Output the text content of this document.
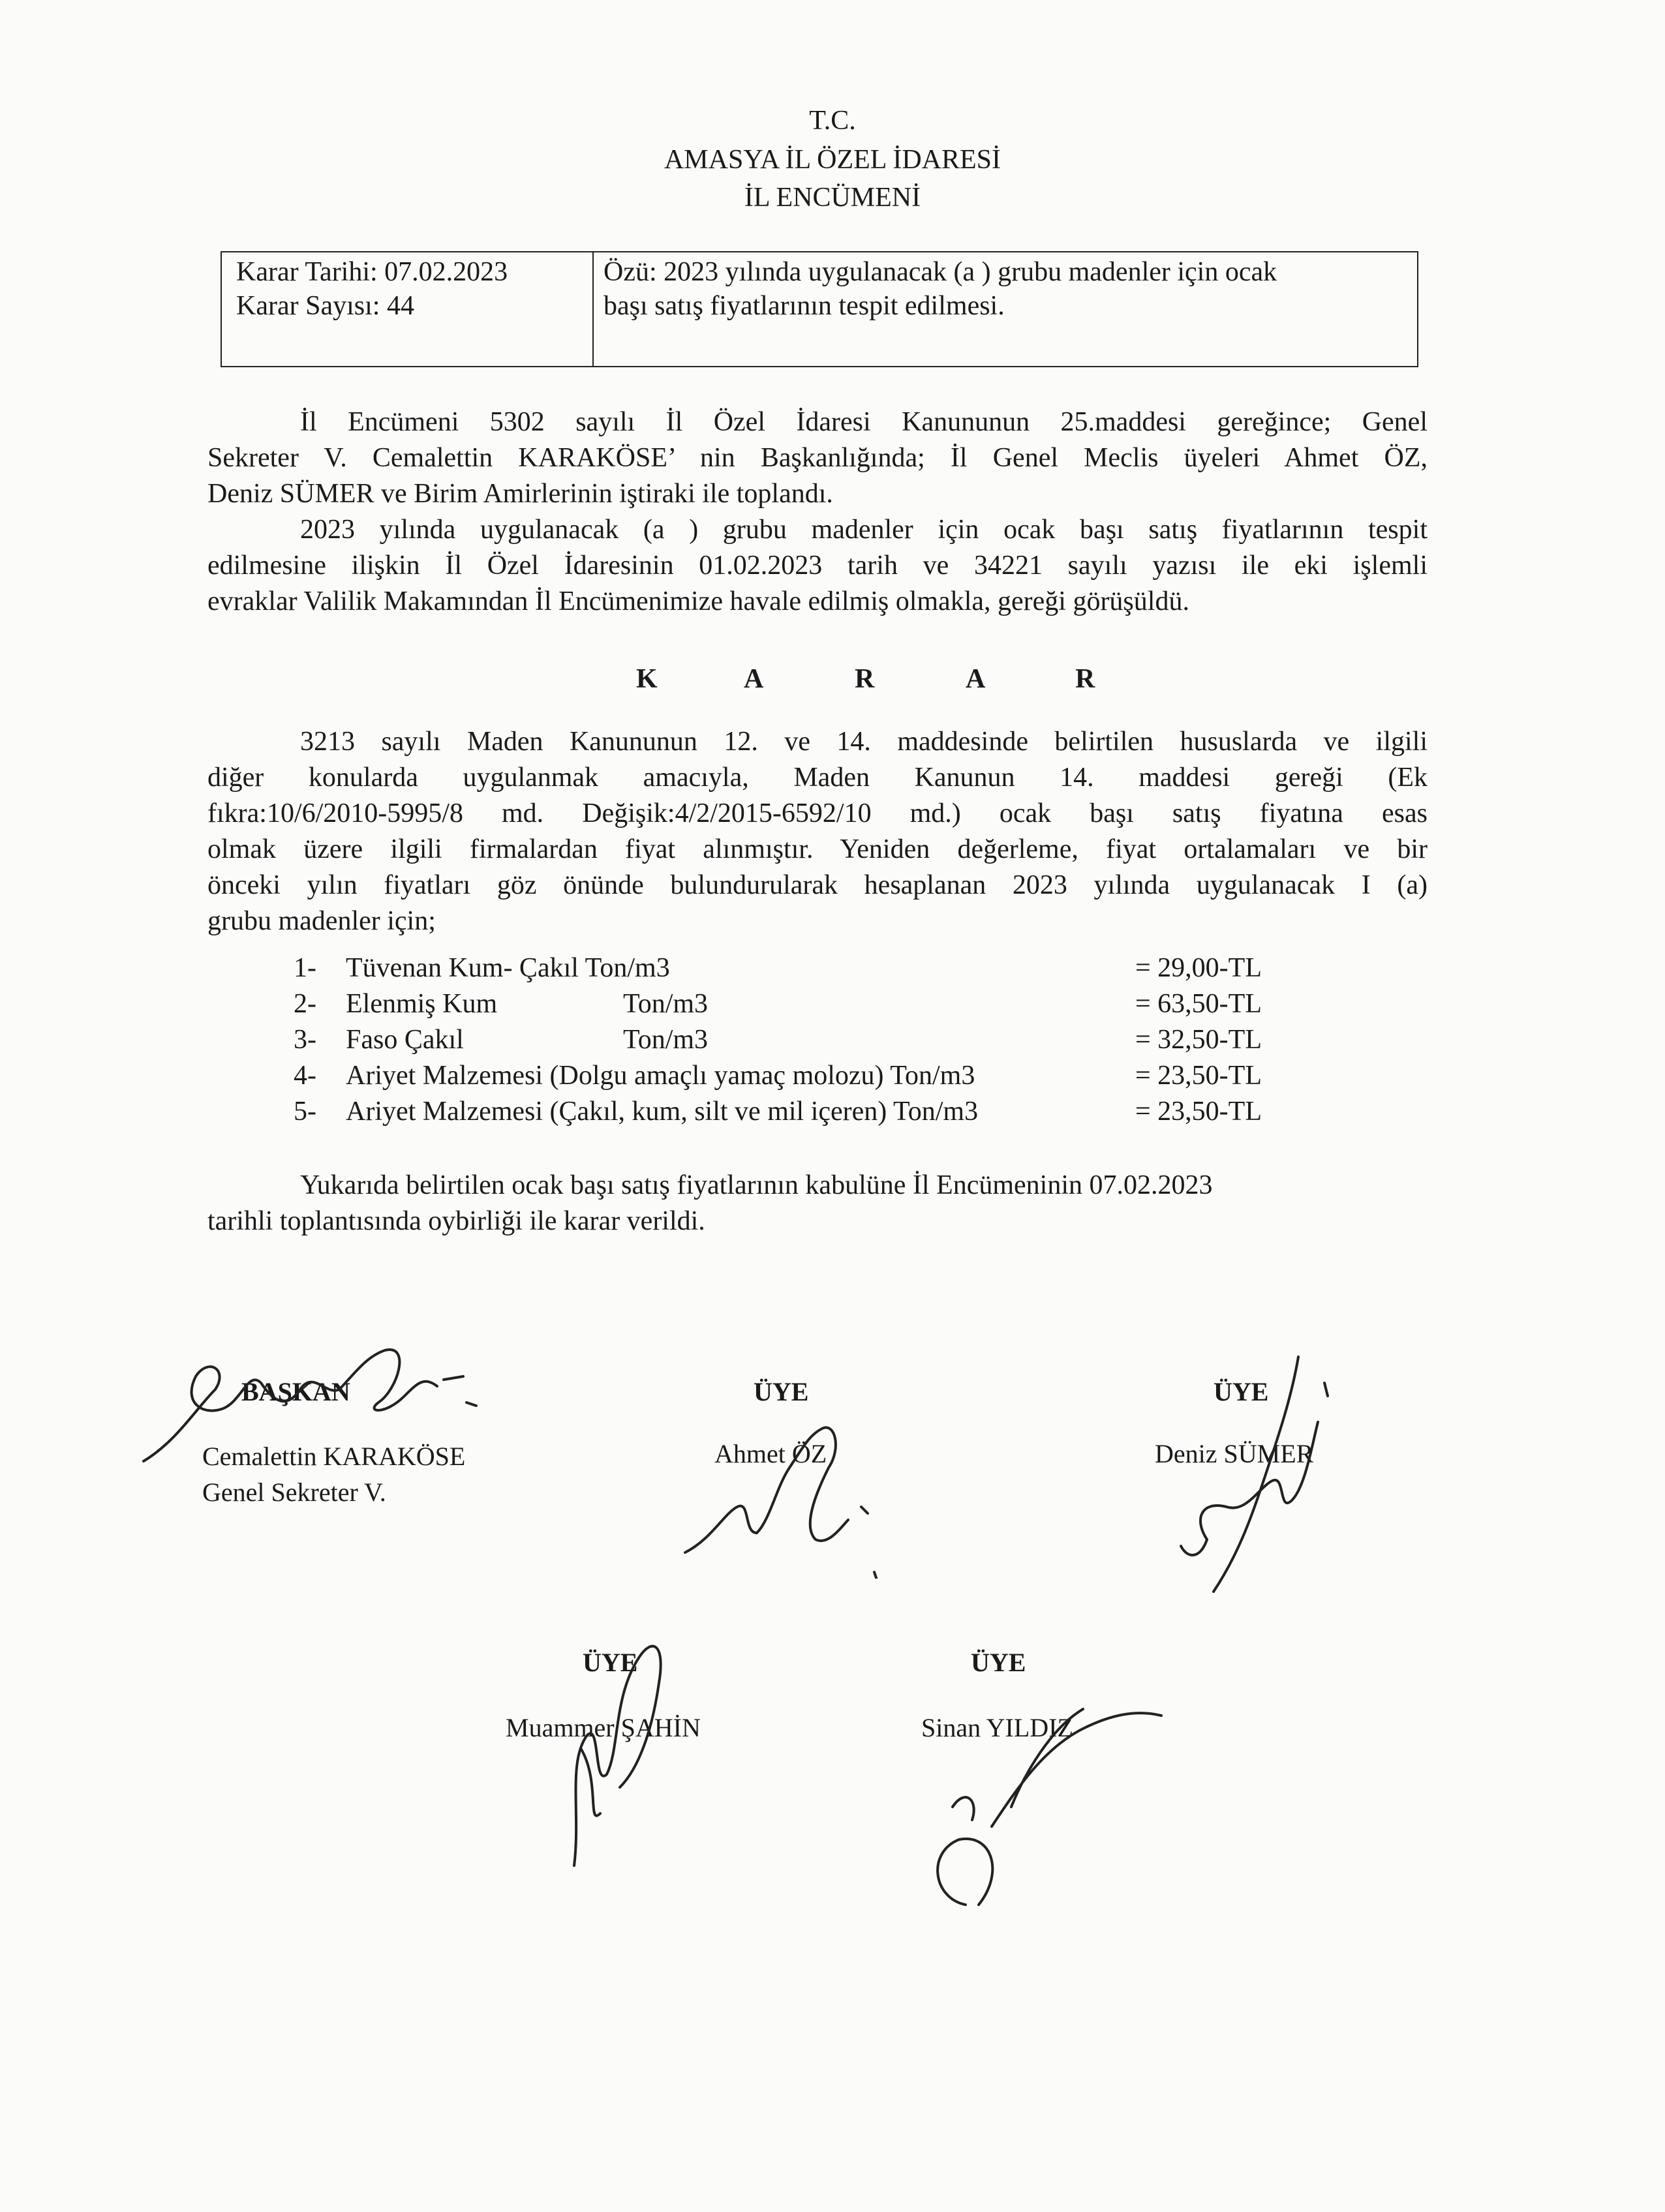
T.C.
AMASYA İL ÖZEL İDARESİ
İL ENCÜMENİ
Karar Tarihi: 07.02.2023
Karar Sayısı: 44
Özü: 2023 yılında uygulanacak (a ) grubu madenler için ocak
başı satış fiyatlarının tespit edilmesi.
İl Encümeni 5302 sayılı İl Özel İdaresi Kanununun 25.maddesi gereğince; Genel
Sekreter V. Cemalettin KARAKÖSE’ nin Başkanlığında; İl Genel Meclis üyeleri Ahmet ÖZ,
Deniz SÜMER ve Birim Amirlerinin iştiraki ile toplandı.
2023 yılında uygulanacak (a ) grubu madenler için ocak başı satış fiyatlarının tespit
edilmesine ilişkin İl Özel İdaresinin 01.02.2023 tarih ve 34221 sayılı yazısı ile eki işlemli
evraklar Valilik Makamından İl Encümenimize havale edilmiş olmakla, gereği görüşüldü.
K	A	R	A	R
3213 sayılı Maden Kanununun 12. ve 14. maddesinde belirtilen hususlarda ve ilgili
diğer konularda uygulanmak amacıyla, Maden Kanunun 14. maddesi gereği (Ek
fıkra:10/6/2010-5995/8 md. Değişik:4/2/2015-6592/10 md.) ocak başı satış fiyatına esas
olmak üzere ilgili firmalardan fiyat alınmıştır. Yeniden değerleme, fiyat ortalamaları ve bir
önceki yılın fiyatları göz önünde bulundurularak hesaplanan 2023 yılında uygulanacak I (a)
grubu madenler için;
1- Tüvenan Kum- Çakıl Ton/m3	= 29,00-TL
2- Elenmiş Kum	Ton/m3	= 63,50-TL
3- Faso Çakıl	Ton/m3	= 32,50-TL
4- Ariyet Malzemesi (Dolgu amaçlı yamaç molozu) Ton/m3	= 23,50-TL
5- Ariyet Malzemesi (Çakıl, kum, silt ve mil içeren) Ton/m3	= 23,50-TL
Yukarıda belirtilen ocak başı satış fiyatlarının kabulüne İl Encümeninin 07.02.2023
tarihli toplantısında oybirliği ile karar verildi.
BAŞKAN
Cemalettin KARAKÖSE
Genel Sekreter V.
ÜYE
Ahmet ÖZ
ÜYE
Deniz SÜMER
ÜYE
Muammer ŞAHİN
ÜYE
Sinan YILDIZ
